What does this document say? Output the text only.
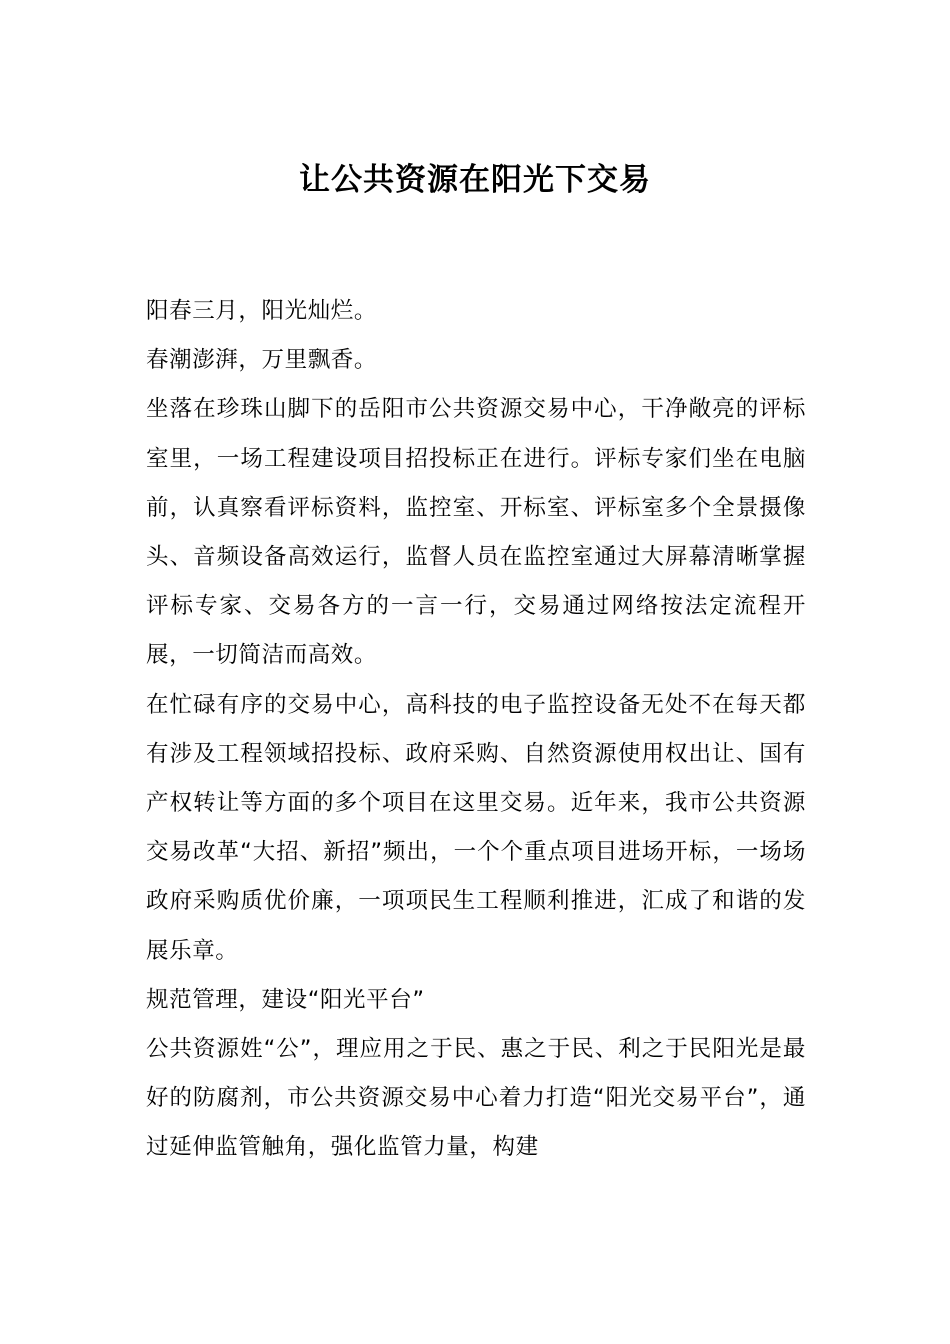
让公共资源在阳光下交易

阳春三月，阳光灿烂。

春潮澎湃，万里飘香。

坐落在珍珠山脚下的岳阳市公共资源交易中心，干净敞亮的评标室里，一场工程建设项目招投标正在进行。评标专家们坐在电脑前，认真察看评标资料，监控室、开标室、评标室多个全景摄像头、音频设备高效运行，监督人员在监控室通过大屏幕清晰掌握评标专家、交易各方的一言一行，交易通过网络按法定流程开展，一切简洁而高效。

在忙碌有序的交易中心，高科技的电子监控设备无处不在每天都有涉及工程领域招投标、政府采购、自然资源使用权出让、国有产权转让等方面的多个项目在这里交易。近年来，我市公共资源交易改革“大招、新招”频出，一个个重点项目进场开标，一场场政府采购质优价廉，一项项民生工程顺利推进，汇成了和谐的发展乐章。

规范管理，建设“阳光平台”

公共资源姓“公”，理应用之于民、惠之于民、利之于民阳光是最好的防腐剂，市公共资源交易中心着力打造“阳光交易平台”，通过延伸监管触角，强化监管力量，构建
